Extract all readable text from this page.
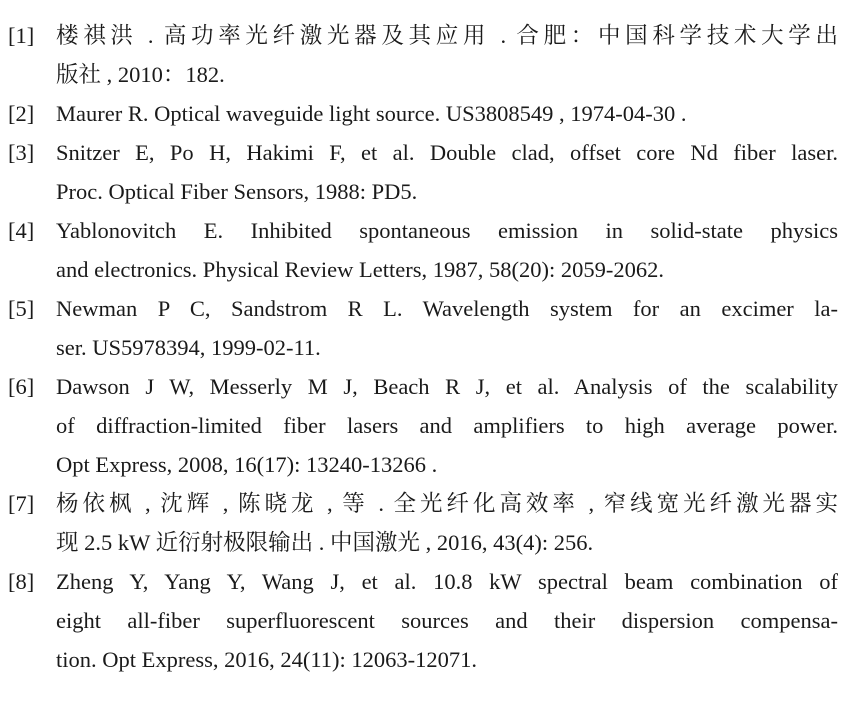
[1] 楼祺洪 . 高功率光纤激光器及其应用 . 合肥：中国科学技术大学出
版社 , 2010：182.
[2] Maurer R. Optical waveguide light source. US3808549 , 1974-04-30 .
[3] Snitzer E, Po H, Hakimi F, et al. Double clad, offset core Nd fiber laser.
Proc. Optical Fiber Sensors, 1988: PD5.
[4] Yablonovitch E. Inhibited spontaneous emission in solid-state physics
and electronics. Physical Review Letters, 1987, 58(20): 2059-2062.
[5] Newman P C, Sandstrom R L. Wavelength system for an excimer la-
ser. US5978394, 1999-02-11.
[6] Dawson J W, Messerly M J, Beach R J, et al. Analysis of the scalability
of diffraction-limited fiber lasers and amplifiers to high average power.
Opt Express, 2008, 16(17): 13240-13266 .
[7] 杨依枫 , 沈辉 , 陈晓龙 , 等 . 全光纤化高效率 , 窄线宽光纤激光器实
现 2.5 kW 近衍射极限输出 . 中国激光 , 2016, 43(4): 256.
[8] Zheng Y, Yang Y, Wang J, et al. 10.8 kW spectral beam combination of
eight all-fiber superfluorescent sources and their dispersion compensa-
tion. Opt Express, 2016, 24(11): 12063-12071.
